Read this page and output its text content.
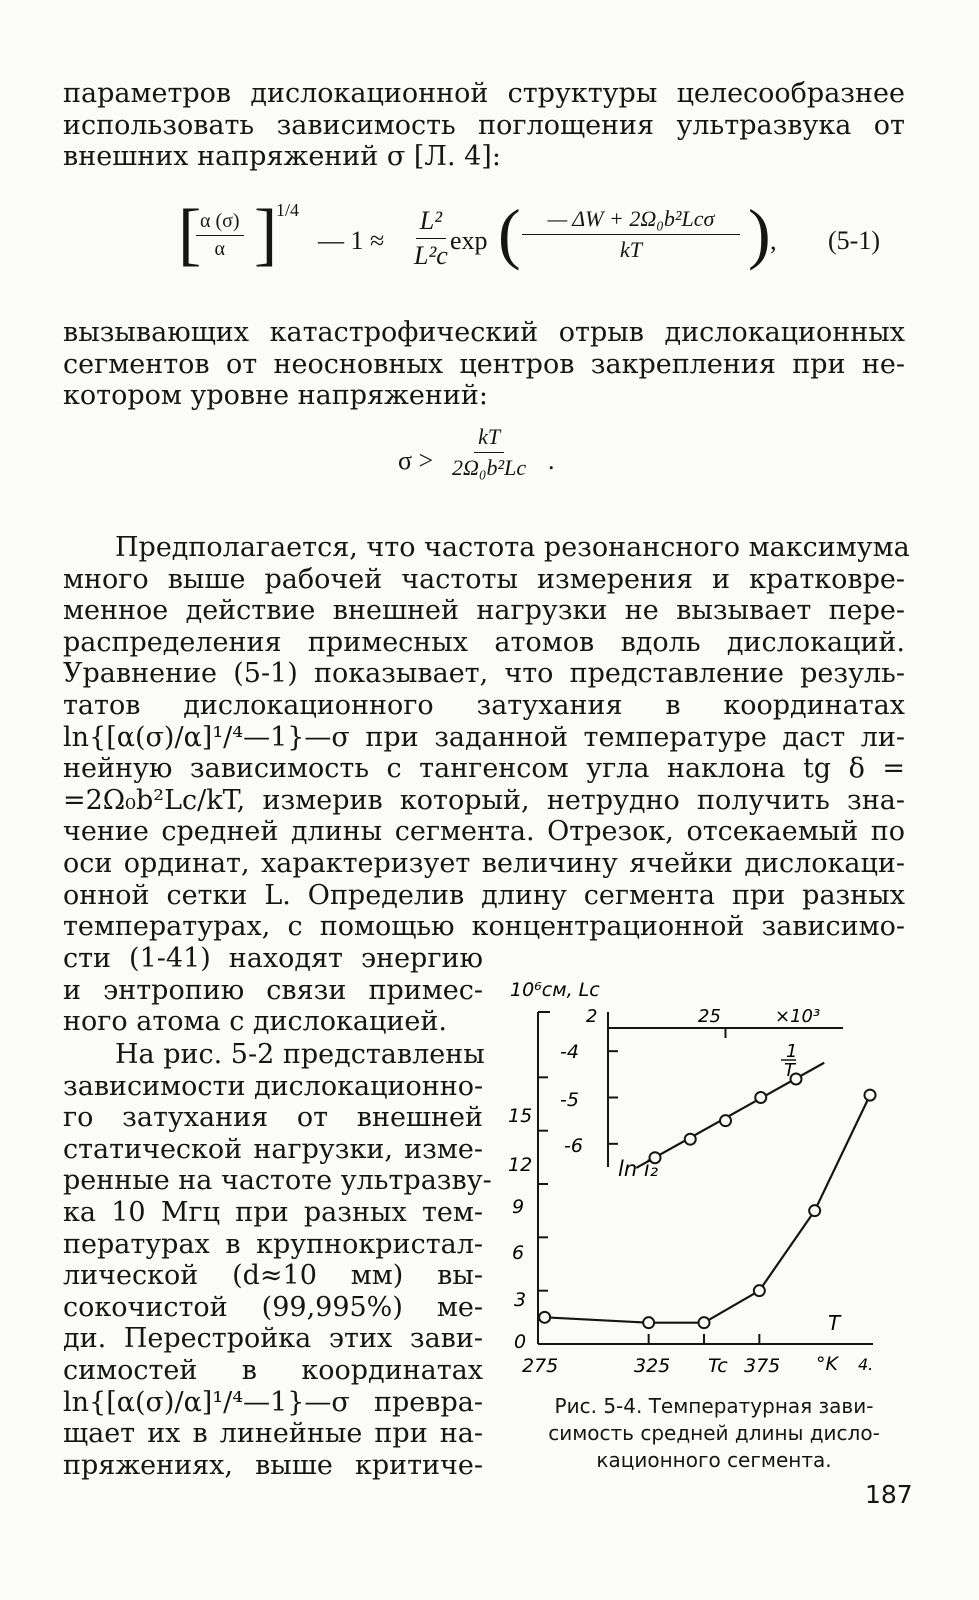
параметров дислокационной структуры целесообразнее
использовать зависимость поглощения ультразвука от
внешних напряжений σ [Л. 4]:
[
$\frac{\alpha (\sigma)}{\alpha}$ ]
1/4
— $1 \approx \frac{\text{L²}}{\text{L²c}}$
exp (	— ΔW + 2Ω₀b²Lcσ
kT ) , (5-1)
вызывающих катастрофический отрыв дислокационных
сегментов от неосновных центров закрепления при не-
котором уровне напряжений:
$\sigma > \frac{kT}{\text{2Ω₀b²Lc}}$ .
Предполагается, что частота резонансного максимума
много выше рабочей частоты измерения и кратковре-
менное действие внешней нагрузки не вызывает пере-
распределения примесных атомов вдоль дислокаций.
Уравнение (5-1) показывает, что представление резуль-
татов дислокационного затухания в координатах
ln{[α(σ)/α]¹/⁴—1}—σ при заданной температуре даст ли-
нейную зависимость с тангенсом угла наклона tg δ =
=2Ω₀b²Lc/kT, измерив который, нетрудно получить зна-
чение средней длины сегмента. Отрезок, отсекаемый по
оси ординат, характеризует величину ячейки дислокаци-
онной сетки L. Определив длину сегмента при разных
температурах, с помощью концентрационной зависимо-
сти (1-41) находят энергию
и энтропию связи примес-
ного атома с дислокацией.
На рис. 5-2 представлены
зависимости дислокационно-
го затухания от внешней
статической нагрузки, изме-
ренные на частоте ультразву-
ка 10 Мгц при разных тем-
пературах в крупнокристал-
лической (d≈10 мм) вы-
сокочистой (99,995%) ме-
ди. Перестройка этих зави-
симостей в координатах
ln{[α(σ)/α]¹/⁴—1}—σ превра-
щает их в линейные при на-
пряжениях, выше критиче-
10⁶см, Lc
2	25	×10³
1
T
-4
-5
-6
ln i₂
15
12
9
6
3
0
275	325 Tc 375 °K 4.
T
Рис. 5-4. Температурная зави-
симость средней длины дисло-
кационного сегмента.
187
